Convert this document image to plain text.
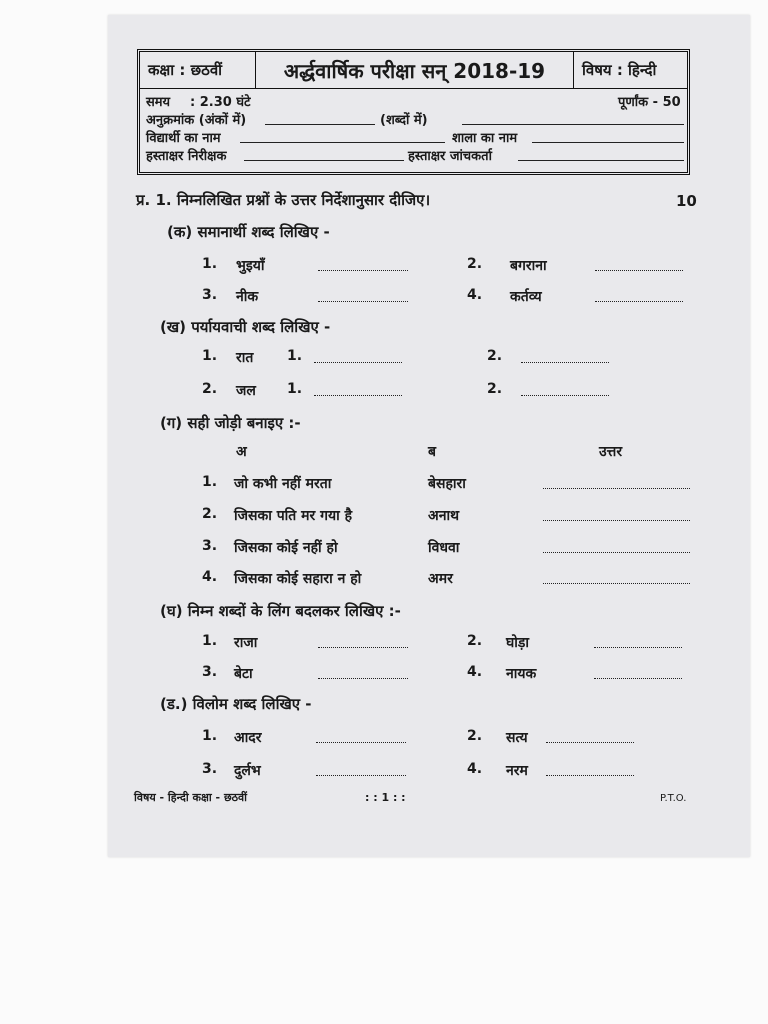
कक्षा : छठवीं	अर्द्धवार्षिक परीक्षा सन् 2018-19	विषय : हिन्दी
समय : 2.30 घंटे	पूर्णांक - 50
अनुक्रमांक (अंकों में)	(शब्दों में)
विद्यार्थी का नाम	शाला का नाम
हस्ताक्षर निरीक्षक	हस्ताक्षर जांचकर्ता
प्र. 1. निम्नलिखित प्रश्नों के उत्तर निर्देशानुसार दीजिए।	10
(क) समानार्थी शब्द लिखिए -
1. भुइयाँ	2. बगराना
3. नीक	4. कर्तव्य
(ख) पर्यायवाची शब्द लिखिए -
1. रात 1.	2.
2. जल 1.	2.
(ग) सही जोड़ी बनाइए :-
अ	ब	उत्तर
1. जो कभी नहीं मरता	बेसहारा
2. जिसका पति मर गया है	अनाथ
3. जिसका कोई नहीं हो	विधवा
4. जिसका कोई सहारा न हो	अमर
(घ) निम्न शब्दों के लिंग बदलकर लिखिए :-
1. राजा	2. घोड़ा
3. बेटा	4. नायक
(ड.) विलोम शब्द लिखिए -
1. आदर	2. सत्य
3. दुर्लभ	4. नरम
विषय - हिन्दी कक्षा - छठवीं	: : 1 : :	P.T.O.
